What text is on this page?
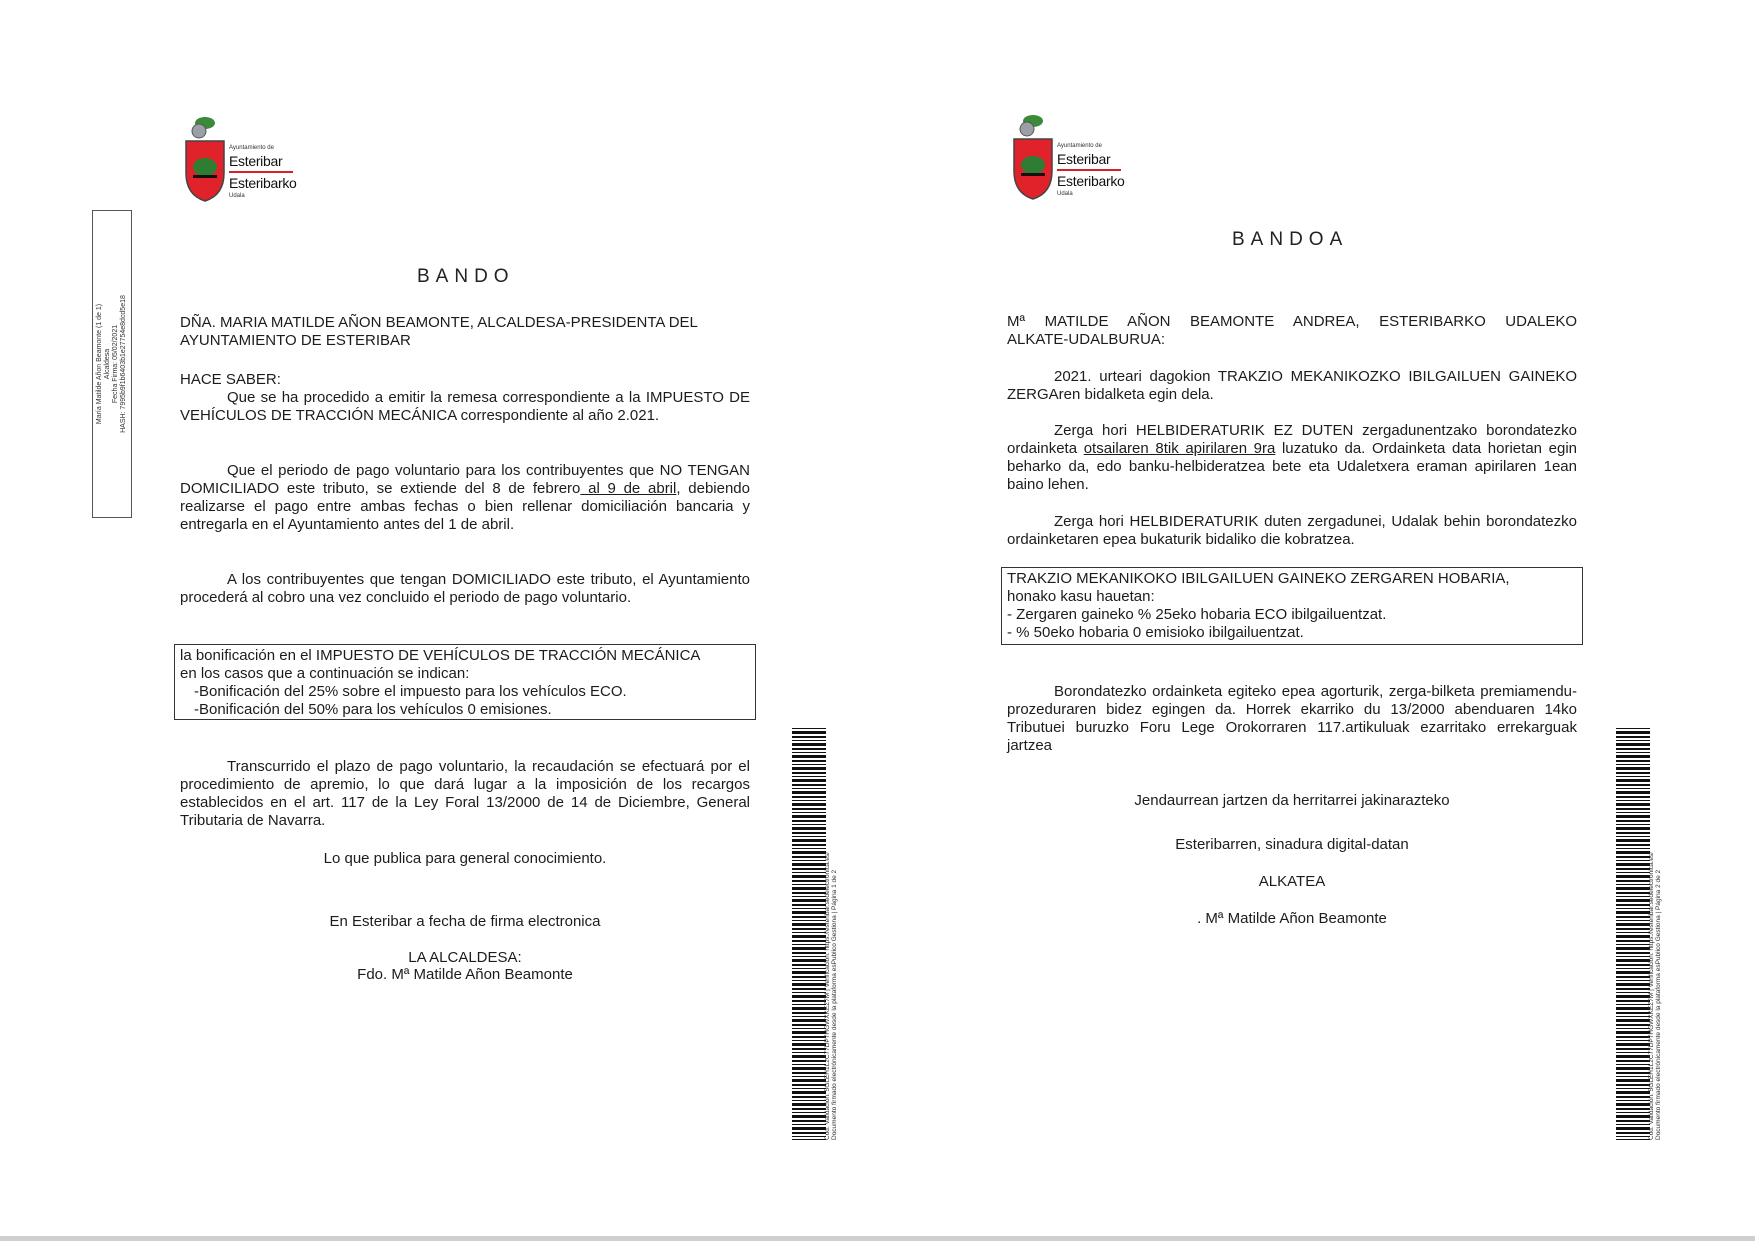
Ayuntamiento de
Esteribar
Esteribarko
Udala
María Matilde Añon Beamonte (1 de 1) Alcaldesa Fecha Firma: 05/02/2021 HASH: 7995b9f1b6403b1e27754e8dcd5e18
BANDO

DÑA. MARIA MATILDE AÑON BEAMONTE, ALCALDESA-PRESIDENTA DEL

AYUNTAMIENTO DE ESTERIBAR

HACE SABER:

Que se ha procedido a emitir la remesa correspondiente a la IMPUESTO DE VEHÍCULOS DE TRACCIÓN MECÁNICA correspondiente al año 2.021.

Que el periodo de pago voluntario para los contribuyentes que NO TENGAN DOMICILIADO este tributo, se extiende del 8 de febrero al 9 de abril, debiendo realizarse el pago entre ambas fechas o bien rellenar domiciliación bancaria y entregarla en el Ayuntamiento antes del 1 de abril.

A los contribuyentes que tengan DOMICILIADO este tributo, el Ayuntamiento procederá al cobro una vez concluido el periodo de pago voluntario.

la bonificación en el IMPUESTO DE VEHÍCULOS DE TRACCIÓN MECÁNICA
en los casos que a continuación se indican:
-Bonificación del 25% sobre el impuesto para los vehículos ECO.
-Bonificación del 50% para los vehículos 0 emisiones.

Transcurrido el plazo de pago voluntario, la recaudación se efectuará por el procedimiento de apremio, lo que dará lugar a la imposición de los recargos establecidos en el art. 117 de la Ley Foral 13/2000 de 14 de Diciembre, General Tributaria de Navarra.

Lo que publica para general conocimiento.
En Esteribar a fecha de firma electronica
LA ALCALDESA:
Fdo. Mª Matilde Añon Beamonte	Cód. Validación: 5GLEH1L2C77DP7HGWXKEZ7M | Verificación: https://esteribar.sedelectronica.es/ Documento firmado electrónicamente desde la plataforma esPublico Gestiona | Página 1 de 2
Ayuntamiento de
Esteribar
Esteribarko
Udala
BANDOA

Mª MATILDE AÑON BEAMONTE ANDREA, ESTERIBARKO UDALEKO

ALKATE-UDALBURUA:

2021. urteari dagokion TRAKZIO MEKANIKOZKO IBILGAILUEN GAINEKO ZERGAren bidalketa egin dela.

Zerga hori HELBIDERATURIK EZ DUTEN zergadunentzako borondatezko ordainketa otsailaren 8tik apirilaren 9ra luzatuko da. Ordainketa data horietan egin beharko da, edo banku-helbideratzea bete eta Udaletxera eraman apirilaren 1ean baino lehen.

Zerga hori HELBIDERATURIK duten zergadunei, Udalak behin borondatezko ordainketaren epea bukaturik bidaliko die kobratzea.

TRAKZIO MEKANIKOKO IBILGAILUEN GAINEKO ZERGAREN HOBARIA,
honako kasu hauetan:
- Zergaren gaineko % 25eko hobaria ECO ibilgailuentzat.
- % 50eko hobaria 0 emisioko ibilgailuentzat.

Borondatezko ordainketa egiteko epea agorturik, zerga-bilketa premiamendu-prozeduraren bidez egingen da. Horrek ekarriko du 13/2000 abenduaren 14ko Tributuei buruzko Foru Lege Orokorraren 117.artikuluak ezarritako errekarguak jartzea

Jendaurrean jartzen da herritarrei jakinarazteko
Esteribarren, sinadura digital-datan
ALKATEA
. Mª Matilde Añon Beamonte	Cód. Validación: 5GLEH1L2C77DP7HGWXKEZ7M | Verificación: https://esteribar.sedelectronica.es/ Documento firmado electrónicamente desde la plataforma esPublico Gestiona | Página 2 de 2
